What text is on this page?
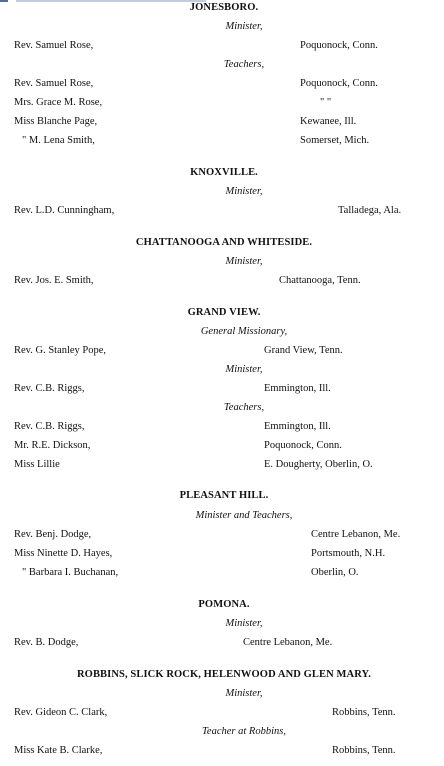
JONESBORO.
Minister,
Rev. Samuel Rose,	Poquonock, Conn.
Teachers,
Rev. Samuel Rose,	Poquonock, Conn.
Mrs. Grace M. Rose,	" "
Miss Blanche Page,	Kewanee, Ill.
" M. Lena Smith,	Somerset, Mich.
KNOXVILLE.
Minister,
Rev. L.D. Cunningham,	Talladega, Ala.
CHATTANOOGA AND WHITESIDE.
Minister,
Rev. Jos. E. Smith,	Chattanooga, Tenn.
GRAND VIEW.
General Missionary,
Rev. G. Stanley Pope,	Grand View, Tenn.
Minister,
Rev. C.B. Riggs,	Emmington, Ill.
Teachers,
Rev. C.B. Riggs,	Emmington, Ill.
Mr. R.E. Dickson,	Poquonock, Conn.
Miss Lillie	E. Dougherty, Oberlin, O.
PLEASANT HILL.
Minister and Teachers,
Rev. Benj. Dodge,	Centre Lebanon, Me.
Miss Ninette D. Hayes,	Portsmouth, N.H.
" Barbara I. Buchanan,	Oberlin, O.
POMONA.
Minister,
Rev. B. Dodge,	Centre Lebanon, Me.
ROBBINS, SLICK ROCK, HELENWOOD AND GLEN MARY.
Minister,
Rev. Gideon C. Clark,	Robbins, Tenn.
Teacher at Robbins,
Miss Kate B. Clarke,	Robbins, Tenn.
